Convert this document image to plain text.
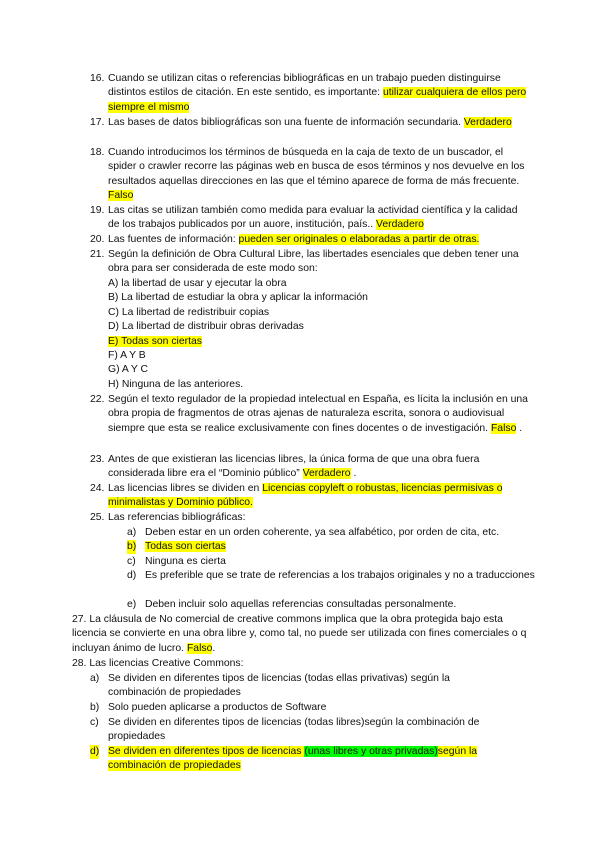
16. Cuando se utilizan citas o referencias bibliográficas en un trabajo pueden distinguirse distintos estilos de citación. En este sentido, es importante: utilizar cualquiera de ellos pero siempre el mismo
17. Las bases de datos bibliográficas son una fuente de información secundaria. Verdadero
18. Cuando introducimos los términos de búsqueda en la caja de texto de un buscador, el spider o crawler recorre las páginas web en busca de esos términos y nos devuelve en los resultados aquellas direcciones en las que el témino aparece de forma de más frecuente. Falso
19. Las citas se utilizan también como medida para evaluar la actividad científica y la calidad de los trabajos publicados por un auore, institución, país.. Verdadero
20. Las fuentes de información: pueden ser originales o elaboradas a partir de otras.
21. Según la definición de Obra Cultural Libre, las libertades esenciales que deben tener una obra para ser considerada de este modo son:
A) la libertad de usar y ejecutar la obra
B) La libertad de estudiar la obra y aplicar la información
C) La libertad de redistribuir copias
D) La libertad de distribuir obras derivadas
E) Todas son ciertas
F) A Y B
G) A Y C
H) Ninguna de las anteriores.
22. Según el texto regulador de la propiedad intelectual en España, es lícita la inclusión en una obra propia de fragmentos de otras ajenas de naturaleza escrita, sonora o audiovisual siempre que esta se realice exclusivamente con fines docentes o de investigación. Falso .
23. Antes de que existieran las licencias libres, la única forma de que una obra fuera considerada libre era el “Dominio público” Verdadero .
24. Las licencias libres se dividen en Licencias copyleft o robustas, licencias permisivas o minimalistas y Dominio público.
25. Las referencias bibliográficas:
a) Deben estar en un orden coherente, ya sea alfabético, por orden de cita, etc.
b) Todas son ciertas
c) Ninguna es cierta
d) Es preferible que se trate de referencias a los trabajos originales y no a traducciones
e) Deben incluir solo aquellas referencias consultadas personalmente.
27. La cláusula de No comercial de creative commons implica que la obra protegida bajo esta licencia se convierte en una obra libre y, como tal, no puede ser utilizada con fines comerciales o q incluyan ánimo de lucro. Falso.
28. Las licencias Creative Commons:
a) Se dividen en diferentes tipos de licencias (todas ellas privativas) según la combinación de propiedades
b) Solo pueden aplicarse a productos de Software
c) Se dividen en diferentes tipos de licencias (todas libres)según la combinación de propiedades
d) Se dividen en diferentes tipos de licencias (unas libres y otras privadas)según la combinación de propiedades
